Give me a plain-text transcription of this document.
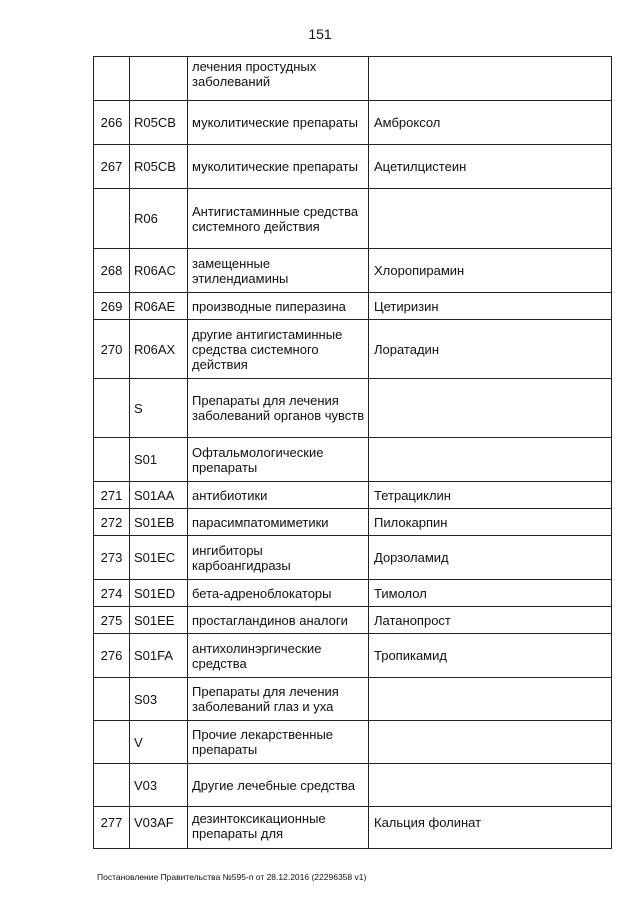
151
		лечения простудных заболеваний	
266	R05CB	муколитические препараты	Амброксол
267	R05CB	муколитические препараты	Ацетилцистеин
	R06	Антигистаминные средства системного действия	
268	R06AC	замещенные этилендиамины	Хлоропирамин
269	R06AE	производные пиперазина	Цетиризин
270	R06AX	другие антигистаминные средства системного действия	Лоратадин
	S	Препараты для лечения заболеваний органов чувств	
	S01	Офтальмологические препараты	
271	S01AA	антибиотики	Тетрациклин
272	S01EB	парасимпатомиметики	Пилокарпин
273	S01EC	ингибиторы карбоангидразы	Дорзоламид
274	S01ED	бета-адреноблокаторы	Тимолол
275	S01EE	простагландинов аналоги	Латанопрост
276	S01FA	антихолинэргические средства	Тропикамид
	S03	Препараты для лечения заболеваний глаз и уха	
	V	Прочие лекарственные препараты	
	V03	Другие лечебные средства	
277	V03AF	дезинтоксикационные препараты для	Кальция фолинат
Постановление Правительства №595-п от 28.12.2016 (22296358 v1)
